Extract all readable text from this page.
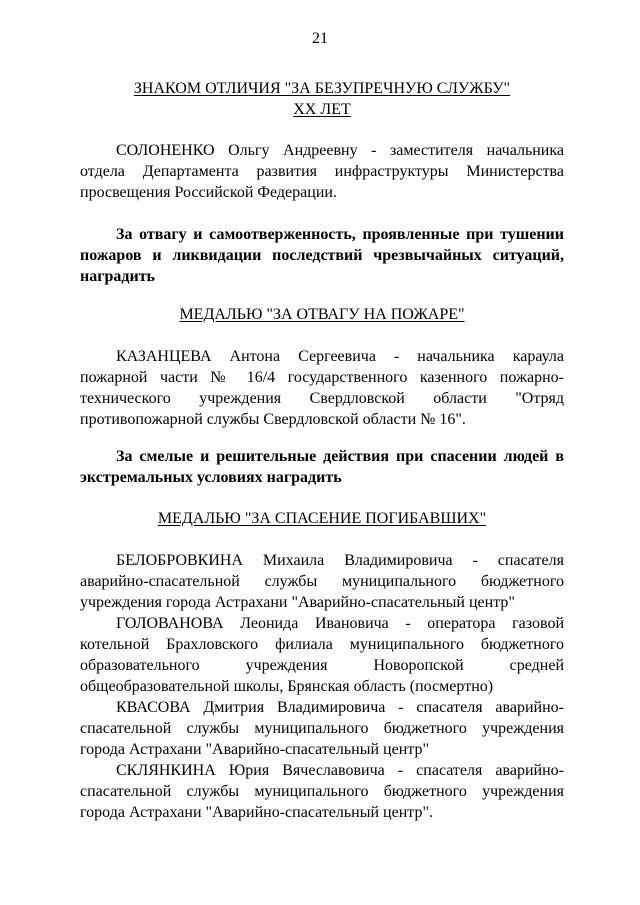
21
ЗНАКОМ ОТЛИЧИЯ "ЗА БЕЗУПРЕЧНУЮ СЛУЖБУ"
XX ЛЕТ
СОЛОНЕНКО Ольгу Андреевну - заместителя начальника отдела Департамента развития инфраструктуры Министерства просвещения Российской Федерации.
За отвагу и самоотверженность, проявленные при тушении пожаров и ликвидации последствий чрезвычайных ситуаций, наградить
МЕДАЛЬЮ "ЗА ОТВАГУ НА ПОЖАРЕ"
КАЗАНЦЕВА Антона Сергеевича - начальника караула пожарной части № 16/4 государственного казенного пожарно-технического учреждения Свердловской области "Отряд противопожарной службы Свердловской области № 16".
За смелые и решительные действия при спасении людей в экстремальных условиях наградить
МЕДАЛЬЮ "ЗА СПАСЕНИЕ ПОГИБАВШИХ"

БЕЛОБРОВКИНА Михаила Владимировича - спасателя аварийно-спасательной службы муниципального бюджетного учреждения города Астрахани "Аварийно-спасательный центр"

ГОЛОВАНОВА Леонида Ивановича - оператора газовой котельной Брахловского филиала муниципального бюджетного образовательного учреждения Новоропской средней общеобразовательной школы, Брянская область (посмертно)

КВАСОВА Дмитрия Владимировича - спасателя аварийно-спасательной службы муниципального бюджетного учреждения города Астрахани "Аварийно-спасательный центр"

СКЛЯНКИНА Юрия Вячеславовича - спасателя аварийно-спасательной службы муниципального бюджетного учреждения города Астрахани "Аварийно-спасательный центр".
